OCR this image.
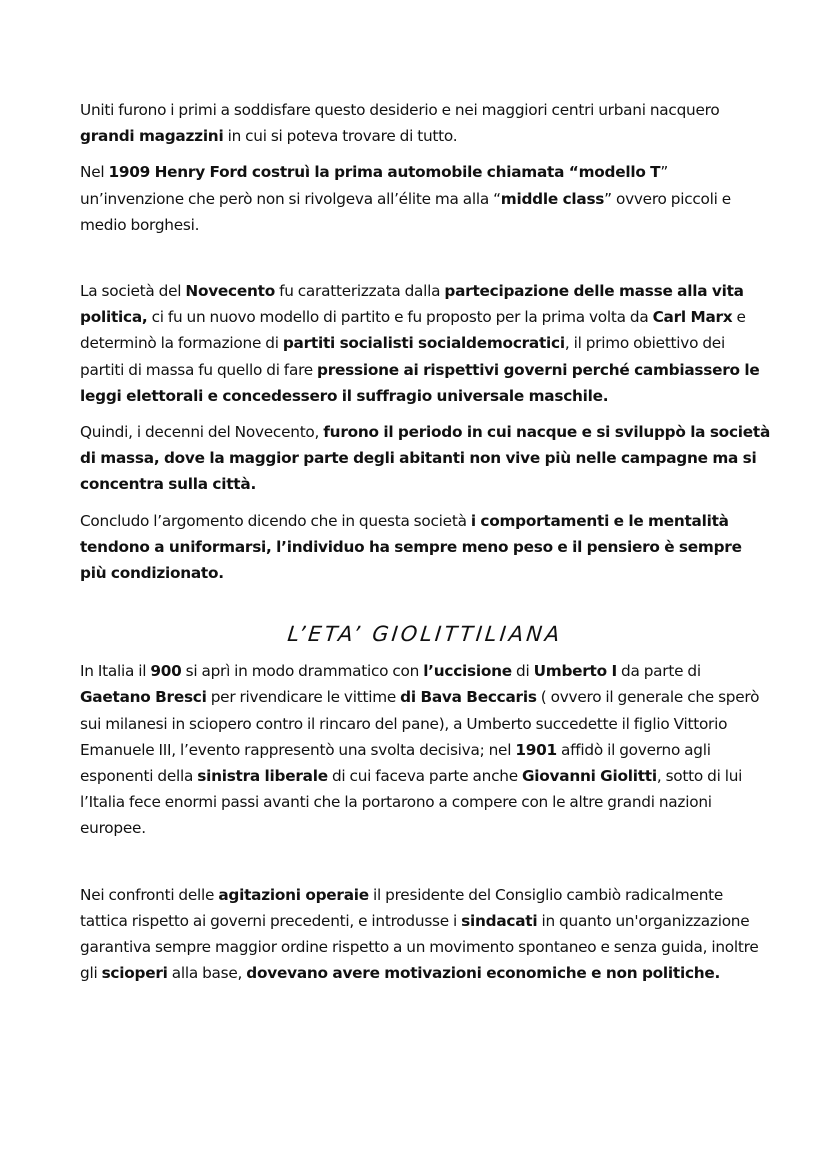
Uniti furono i primi a soddisfare questo desiderio e nei maggiori centri urbani nacquero grandi magazzini in cui si poteva trovare di tutto.

Nel 1909 Henry Ford costruì la prima automobile chiamata “modello T” un’invenzione che però non si rivolgeva all’élite ma alla “middle class” ovvero piccoli e medio borghesi.

La società del Novecento fu caratterizzata dalla partecipazione delle masse alla vita politica, ci fu un nuovo modello di partito e fu proposto per la prima volta da Carl Marx e determinò la formazione di partiti socialisti socialdemocratici, il primo obiettivo dei partiti di massa fu quello di fare pressione ai rispettivi governi perché cambiassero le leggi elettorali e concedessero il suffragio universale maschile.

Quindi, i decenni del Novecento, furono il periodo in cui nacque e si sviluppò la società di massa, dove la maggior parte degli abitanti non vive più nelle campagne ma si concentra sulla città.

Concludo l’argomento dicendo che in questa società i comportamenti e le mentalità tendono a uniformarsi, l’individuo ha sempre meno peso e il pensiero è sempre più condizionato.

L’ETA’ GIOLITTILIANA

In Italia il 900 si aprì in modo drammatico con l’uccisione di Umberto I da parte di Gaetano Bresci per rivendicare le vittime di Bava Beccaris ( ovvero il generale che sperò sui milanesi in sciopero contro il rincaro del pane), a Umberto succedette il figlio Vittorio Emanuele III, l’evento rappresentò una svolta decisiva; nel 1901 affidò il governo agli esponenti della sinistra liberale di cui faceva parte anche Giovanni Giolitti, sotto di lui l’Italia fece enormi passi avanti che la portarono a compere con le altre grandi nazioni europee.

Nei confronti delle agitazioni operaie il presidente del Consiglio cambiò radicalmente tattica rispetto ai governi precedenti, e introdusse i sindacati in quanto un'organizzazione garantiva sempre maggior ordine rispetto a un movimento spontaneo e senza guida, inoltre gli scioperi alla base, dovevano avere motivazioni economiche e non politiche.
